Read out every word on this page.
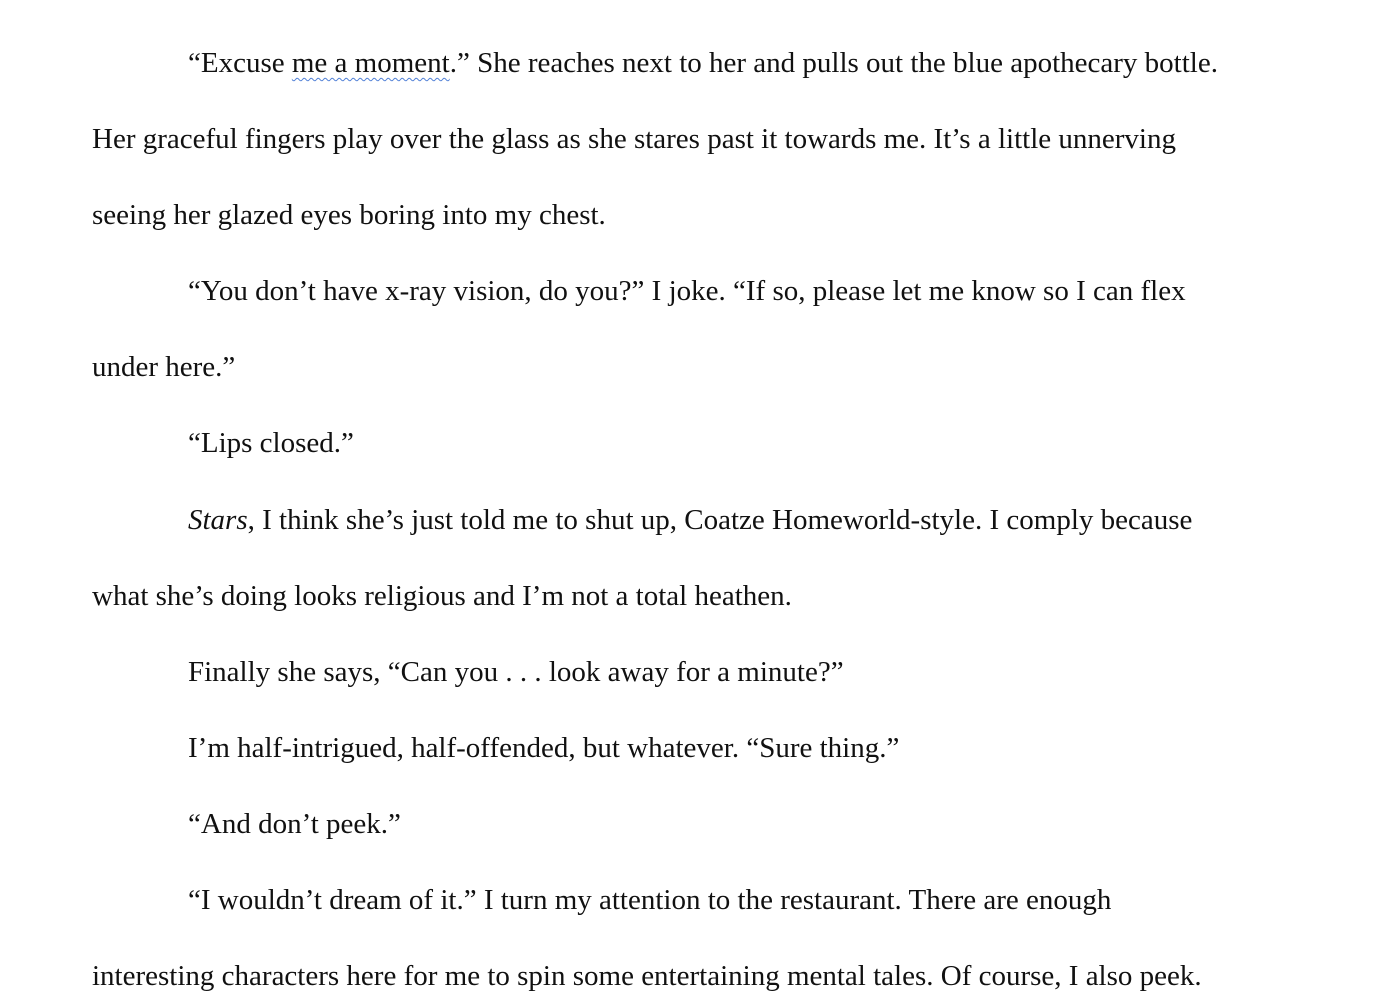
“Excuse me a moment.” She reaches next to her and pulls out the blue apothecary bottle.

Her graceful fingers play over the glass as she stares past it towards me. It’s a little unnerving

seeing her glazed eyes boring into my chest.

“You don’t have x-ray vision, do you?” I joke. “If so, please let me know so I can flex

under here.”

“Lips closed.”

Stars, I think she’s just told me to shut up, Coatze Homeworld-style. I comply because

what she’s doing looks religious and I’m not a total heathen.

Finally she says, “Can you . . . look away for a minute?”

I’m half-intrigued, half-offended, but whatever. “Sure thing.”

“And don’t peek.”

“I wouldn’t dream of it.” I turn my attention to the restaurant. There are enough

interesting characters here for me to spin some entertaining mental tales. Of course, I also peek.
